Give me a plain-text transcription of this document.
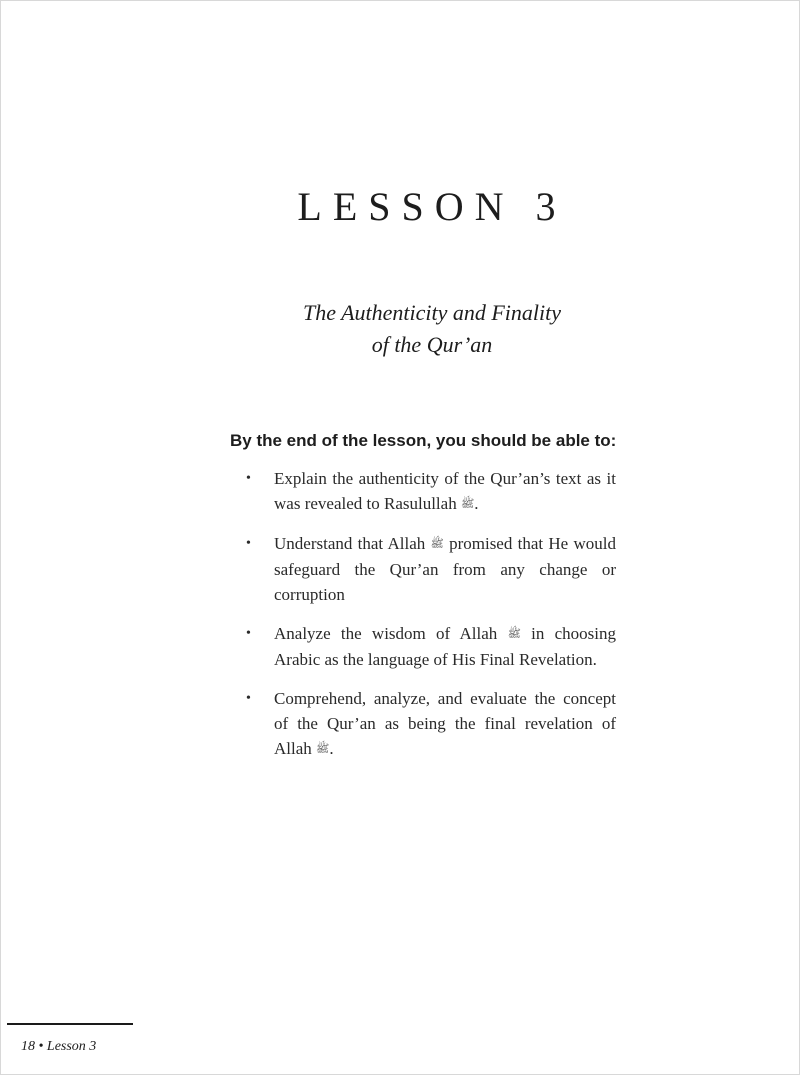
LESSON 3
The Authenticity and Finality
of the Qur’an
By the end of the lesson, you should be able to:
• Explain the authenticity of the Qur’an’s text as it was revealed to Rasulullah ﷺ.
• Understand that Allah ﷺ promised that He would safeguard the Qur’an from any change or corruption
• Analyze the wisdom of Allah ﷺ in choosing Arabic as the language of His Final Revelation.
• Comprehend, analyze, and evaluate the concept of the Qur’an as being the final revelation of Allah ﷺ.
18 • Lesson 3
